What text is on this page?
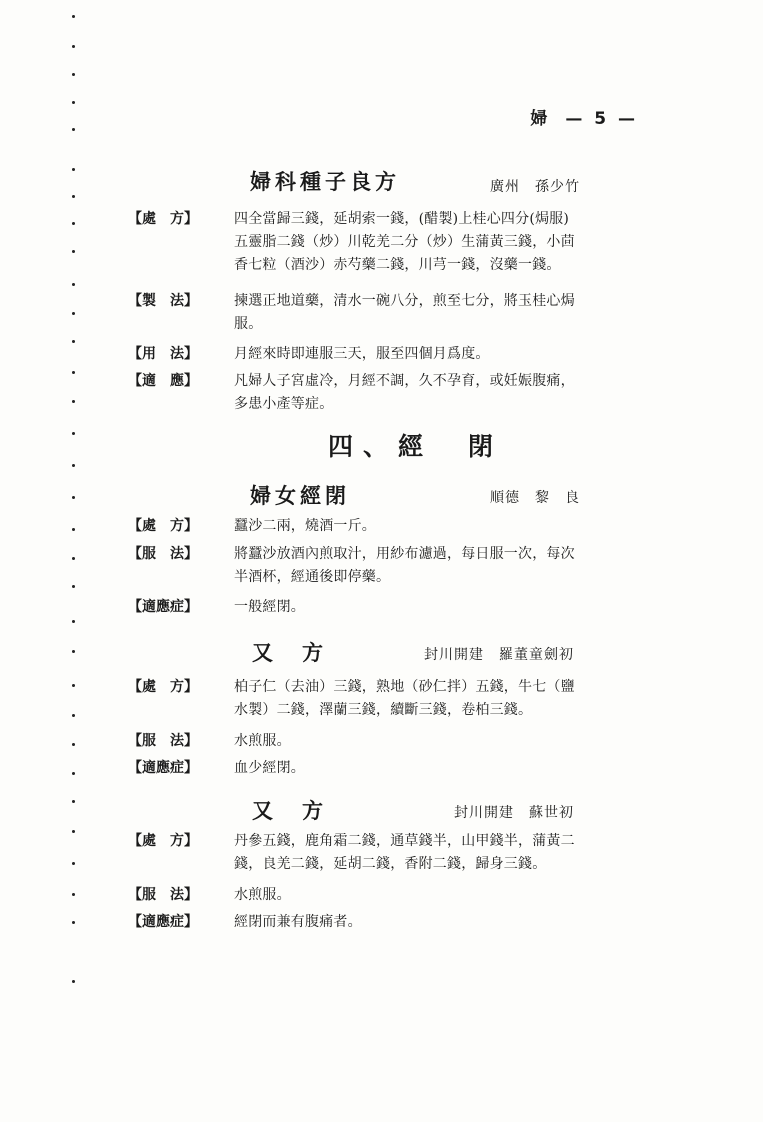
婦 — 5 —
婦科種子良方	廣州　孫少竹
【處　方】	四全當歸三錢，延胡索一錢，(醋製)上桂心四分(焗服)
五靈脂二錢（炒）川乾羌二分（炒）生蒲黃三錢，小茴
香七粒（酒沙）赤芍藥二錢，川芎一錢，沒藥一錢。
【製　法】	揀選正地道藥，清水一碗八分，煎至七分，將玉桂心焗
服。
【用　法】	月經來時即連服三天，服至四個月爲度。
【適　應】	凡婦人子宮虛冷，月經不調，久不孕育，或妊娠腹痛，
多患小產等症。
四、經　閉
婦女經閉	順德　黎　良
【處　方】	蠶沙二兩，燒酒一斤。
【服　法】	將蠶沙放酒內煎取汁，用紗布濾過，每日服一次，每次
半酒杯，經通後即停藥。
【適應症】	一般經閉。
又　方	封川開建　羅董童劍初
【處　方】	柏子仁（去油）三錢，熟地（砂仁拌）五錢，牛七（鹽
水製）二錢，澤蘭三錢，續斷三錢，卷柏三錢。
【服　法】	水煎服。
【適應症】	血少經閉。
又　方	封川開建　蘇世初
【處　方】	丹參五錢，鹿角霜二錢，通草錢半，山甲錢半，蒲黃二
錢，良羌二錢，延胡二錢，香附二錢，歸身三錢。
【服　法】	水煎服。
【適應症】	經閉而兼有腹痛者。
